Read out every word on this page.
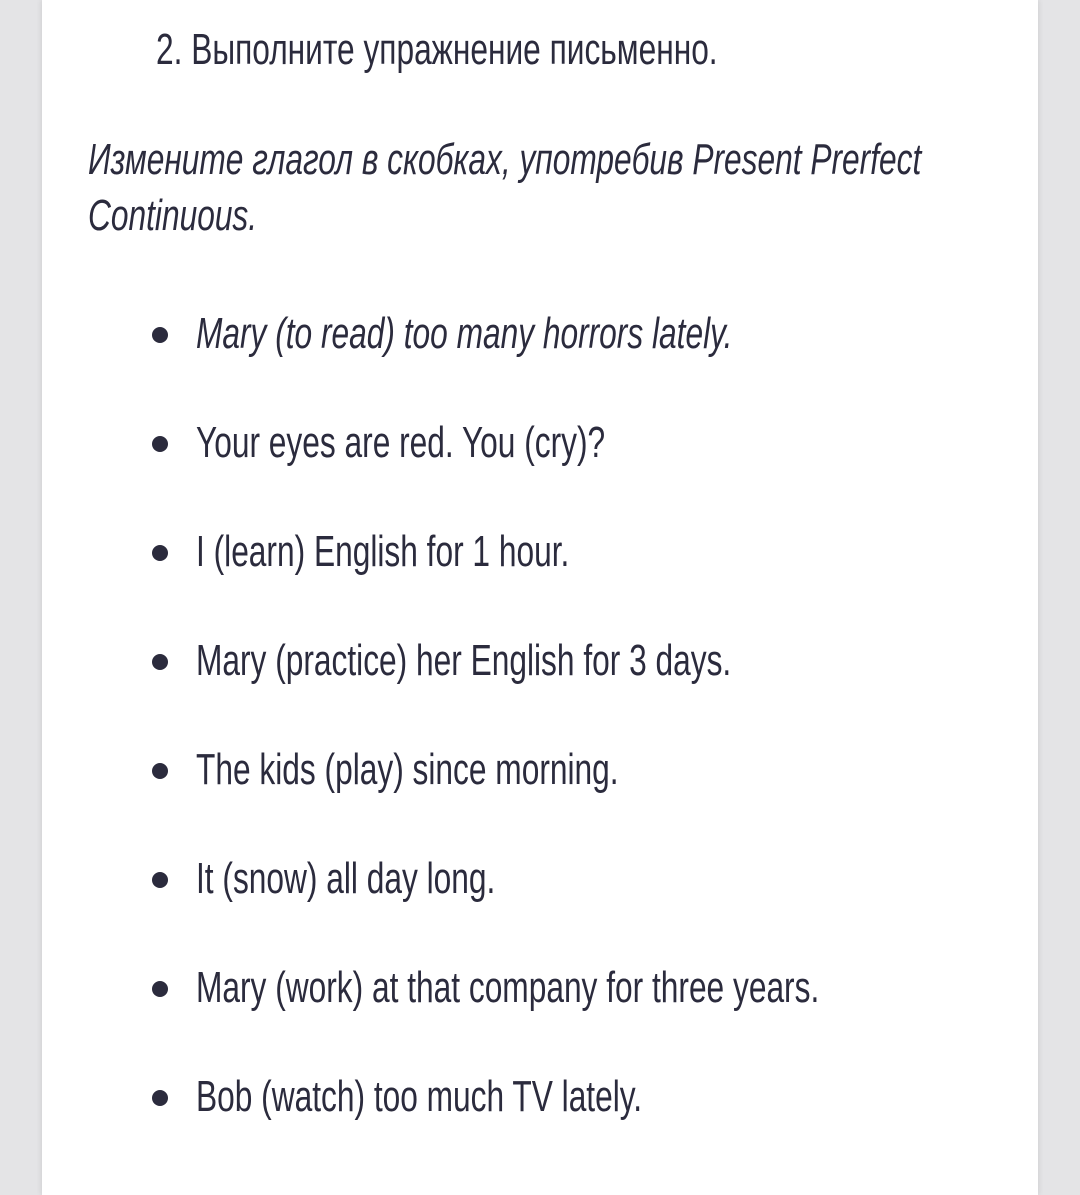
2. Выполните упражнение письменно.
Измените глагол в скобках, употребив Present Prerfect
Continuous.
Mary (to read) too many horrors lately.
Your eyes are red. You (cry)?
I (learn) English for 1 hour.
Mary (practice) her English for 3 days.
The kids (play) since morning.
It (snow) all day long.
Mary (work) at that company for three years.
Bob (watch) too much TV lately.
